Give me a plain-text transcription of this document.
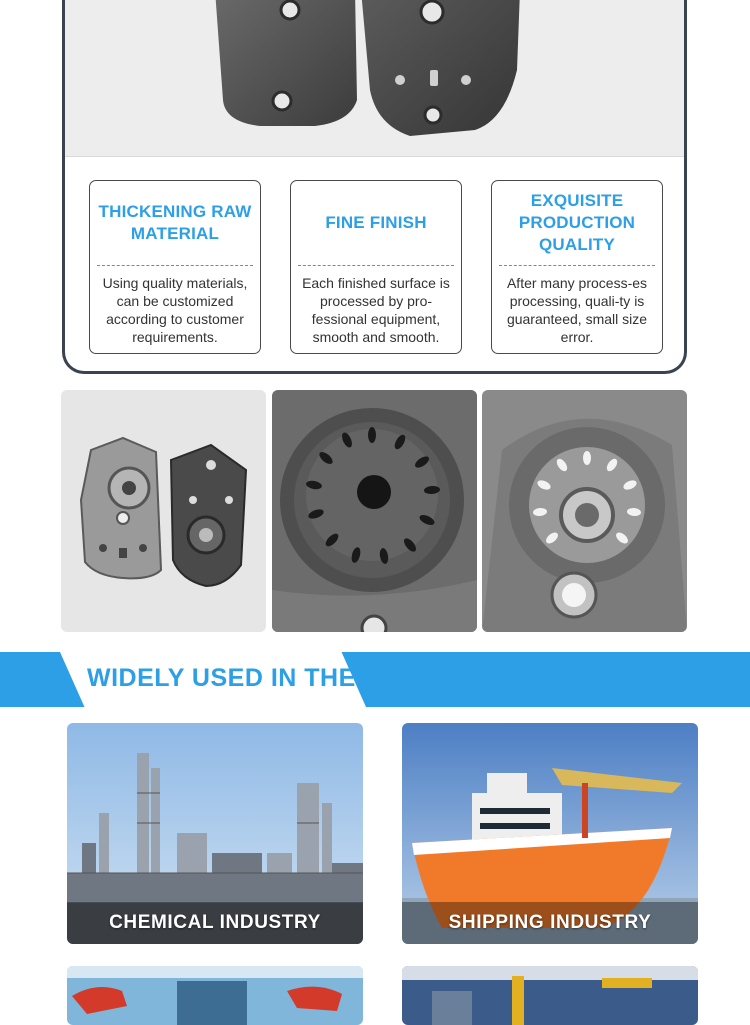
THICKENING RAW MATERIAL
Using quality materials, can be customized according to customer requirements.
FINE FINISH
Each finished surface is processed by pro-fessional equipment, smooth and smooth.
EXQUISITE PRODUCTION QUALITY
After many process-es processing, quali-ty is guaranteed, small size error.
WIDELY USED IN THE
CHEMICAL INDUSTRY	SHIPPING INDUSTRY
